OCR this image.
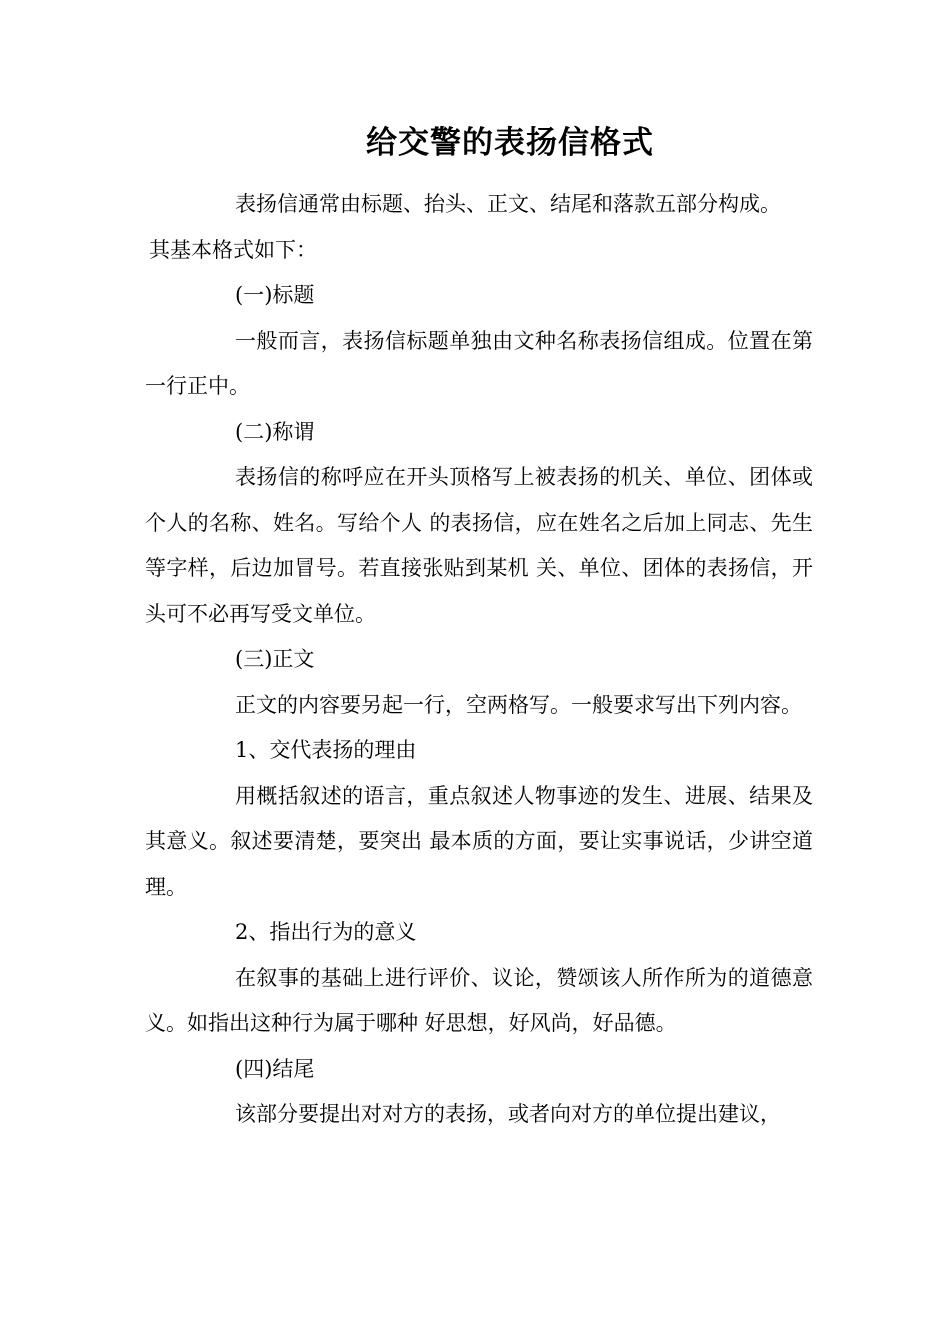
给交警的表扬信格式

表扬信通常由标题、抬头、正文、结尾和落款五部分构成。

其基本格式如下：

(一)标题

一般而言，表扬信标题单独由文种名称表扬信组成。位置在第一行正中。

(二)称谓

表扬信的称呼应在开头顶格写上被表扬的机关、单位、团体或个人的名称、姓名。写给个人 的表扬信，应在姓名之后加上同志、先生等字样，后边加冒号。若直接张贴到某机 关、单位、团体的表扬信，开头可不必再写受文单位。

(三)正文

正文的内容要另起一行，空两格写。一般要求写出下列内容。

1、交代表扬的理由

用概括叙述的语言，重点叙述人物事迹的发生、进展、结果及其意义。叙述要清楚，要突出 最本质的方面，要让实事说话，少讲空道理。

2、指出行为的意义

在叙事的基础上进行评价、议论，赞颂该人所作所为的道德意义。如指出这种行为属于哪种 好思想，好风尚，好品德。

(四)结尾

该部分要提出对对方的表扬，或者向对方的单位提出建议，
